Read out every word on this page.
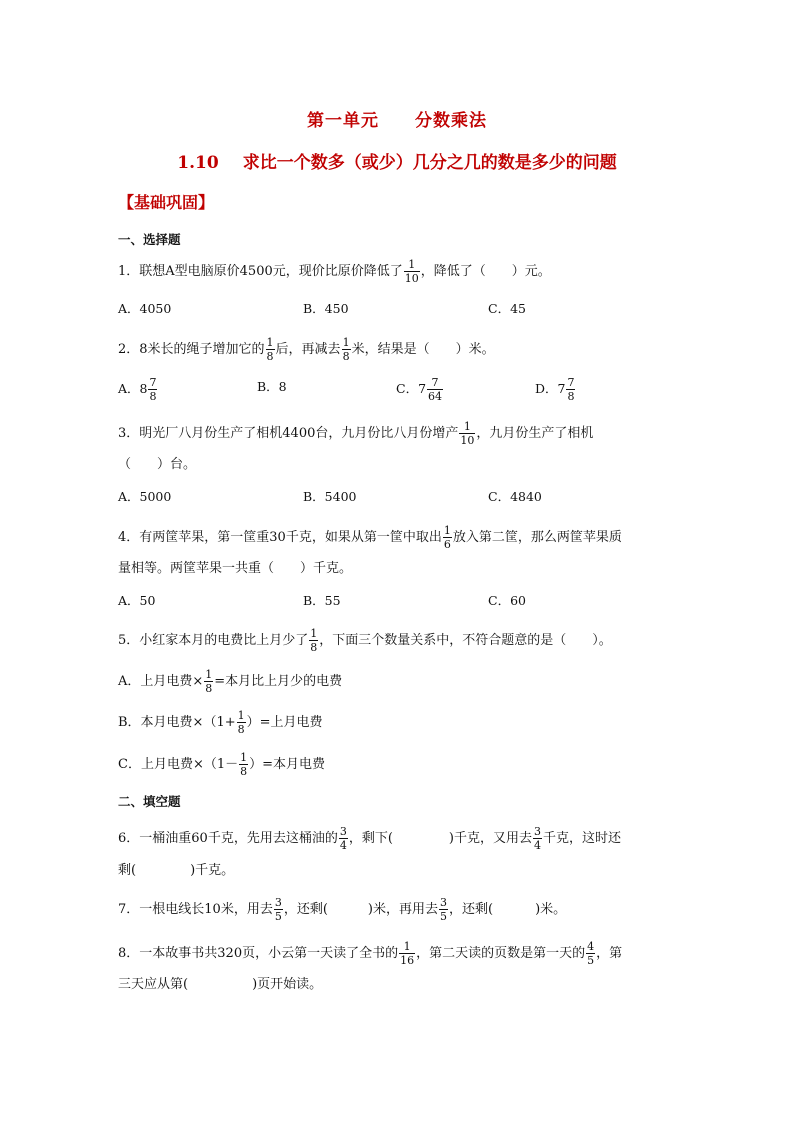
第一单元 分数乘法
1.10 求比一个数多（或少）几分之几的数是多少的问题
【基础巩固】
一、选择题
1．联想A型电脑原价4500元，现价比原价降低了 $\frac{1}{10}$ ，降低了（　　）元。
A．4050	B．450	C．45
2．8米长的绳子增加它的 $\frac{1}{8}$ 后，再减去 $\frac{1}{8}$ 米，结果是（　　）米。
A．$8 \frac{7}{8}$	B．8	C．$7 \frac{7}{64}$	D．$7 \frac{7}{8}$
3．明光厂八月份生产了相机4400台，九月份比八月份增产 $\frac{1}{10}$ ，九月份生产了相机
（　　）台。
A．5000	B．5400	C．4840
4．有两筐苹果，第一筐重30千克，如果从第一筐中取出 $\frac{1}{6}$ 放入第二筐，那么两筐苹果质
量相等。两筐苹果一共重（　　）千克。
A．50	B．55	C．60
5．小红家本月的电费比上月少了 $\frac{1}{8}$ ，下面三个数量关系中，不符合题意的是（　　）。
A．上月电费× $\frac{1}{8}$ =本月比上月少的电费
B．本月电费$\times(1+ \frac{1}{8}$ ）=上月电费
C．上月电费$\times(1- \frac{1}{8}$ ）=本月电费
二、填空题
6．一桶油重60千克，先用去这桶油的 $\frac{3}{4}$ ，剩下(	)千克，又用去 $\frac{3}{4}$ 千克，这时还
剩(	)千克。
7．一根电线长10米，用去 $\frac{3}{5}$ ，还剩(	)米，再用去 $\frac{3}{5}$ ，还剩(	)米。
8．一本故事书共320页，小云第一天读了全书的 $\frac{1}{16}$ ，第二天读的页数是第一天的 $\frac{4}{5}$ ，第
三天应从第(	)页开始读。
